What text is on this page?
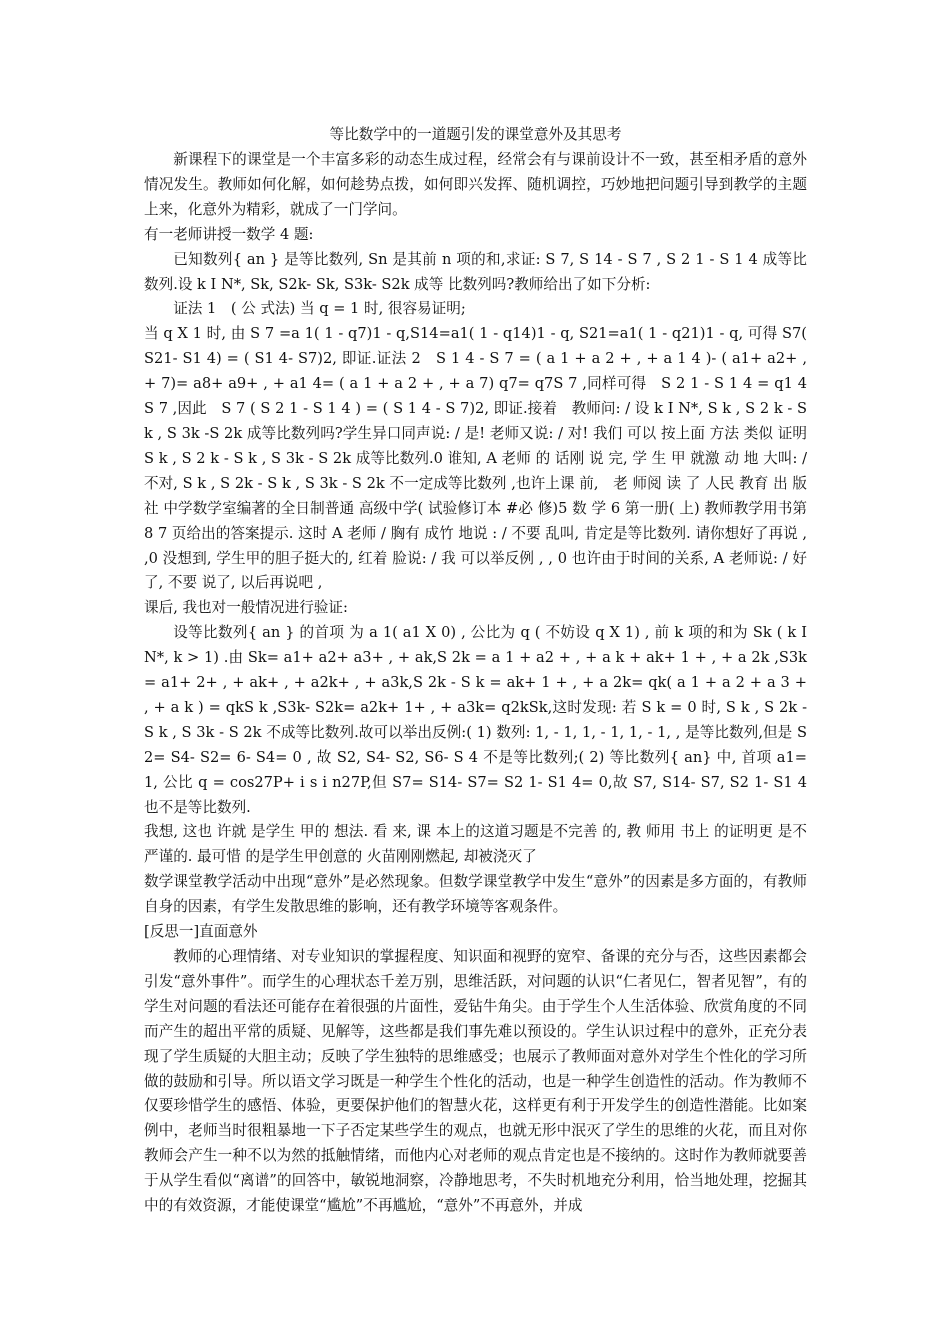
等比数学中的一道题引发的课堂意外及其思考

新课程下的课堂是一个丰富多彩的动态生成过程，经常会有与课前设计不一致，甚至相矛盾的意外情况发生。教师如何化解，如何趁势点拨，如何即兴发挥、随机调控，巧妙地把问题引导到教学的主题上来，化意外为精彩，就成了一门学问。

有一老师讲授一数学 4 题:

已知数列{ an } 是等比数列, Sn 是其前 n 项的和,求证: S 7, S 14 - S 7 , S 2 1 - S 1 4 成等比数列.设 k I N*, Sk, S2k- Sk, S3k- S2k 成等 比数列吗?教师给出了如下分析:

证法 1　( 公 式法) 当 q = 1 时, 很容易证明;

当 q X 1 时, 由 S 7 =a 1( 1 - q7)1 - q,S14=a1( 1 - q14)1 - q, S21=a1( 1 - q21)1 - q, 可得 S7( S21- S1 4) = ( S1 4- S7)2, 即证.证法 2　S 1 4 - S 7 = ( a 1 + a 2 + , + a 1 4 )- ( a1+ a2+ , + 7)= a8+ a9+ , + a1 4= ( a 1 + a 2 + , + a 7) q7= q7S 7 ,同样可得　S 2 1 - S 1 4 = q1 4S 7 ,因此　S 7 ( S 2 1 - S 1 4 ) = ( S 1 4 - S 7)2, 即证.接着　教师问: / 设 k I N*, S k , S 2 k - S k , S 3k -S 2k 成等比数列吗?学生异口同声说: / 是! 老师又说: / 对! 我们 可以 按上面 方法 类似 证明 S k , S 2 k - S k , S 3k - S 2k 成等比数列.0 谁知, A 老师 的 话刚 说 完, 学 生 甲 就激 动 地 大叫: / 不对, S k , S 2k - S k , S 3k - S 2k 不一定成等比数列 ,也许上课 前,　老 师阅 读 了 人民 教育 出 版社 中学数学室编著的全日制普通 高级中学( 试验修订本 #必 修)5 数 学 6 第一册( 上) 教师教学用书第 8 7 页给出的答案提示. 这时 A 老师 / 胸有 成竹 地说 : / 不要 乱叫, 肯定是等比数列. 请你想好了再说 , ,0 没想到, 学生甲的胆子挺大的, 红着 脸说: / 我 可以举反例 , , 0 也许由于时间的关系, A 老师说: / 好了, 不要 说了, 以后再说吧 ,

课后, 我也对一般情况进行验证:

设等比数列{ an } 的首项 为 a 1( a1 X 0) , 公比为 q ( 不妨设 q X 1) , 前 k 项的和为 Sk ( k I N*, k > 1) .由 Sk= a1+ a2+ a3+ , + ak,S 2k = a 1 + a2 + , + a k + ak+ 1 + , + a 2k ,S3k= a1+ 2+ , + ak+ , + a2k+ , + a3k,S 2k - S k = ak+ 1 + , + a 2k= qk( a 1 + a 2 + a 3 + , + a k ) = qkS k ,S3k- S2k= a2k+ 1+ , + a3k= q2kSk,这时发现: 若 S k = 0 时, S k , S 2k - S k , S 3k - S 2k 不成等比数列.故可以举出反例:( 1) 数列: 1, - 1, 1, - 1, 1, - 1, , 是等比数列,但是 S2= S4- S2= 6- S4= 0 , 故 S2, S4- S2, S6- S 4 不是等比数列;( 2) 等比数列{ an} 中, 首项 a1= 1, 公比 q = cos27P+ i s i n27P,但 S7= S14- S7= S2 1- S1 4= 0,故 S7, S14- S7, S2 1- S1 4 也不是等比数列.

我想, 这也 许就 是学生 甲的 想法. 看 来, 课 本上的这道习题是不完善 的, 教 师用 书上 的证明更 是不严谨的. 最可惜 的是学生甲创意的 火苗刚刚燃起, 却被浇灭了

数学课堂教学活动中出现“意外”是必然现象。但数学课堂教学中发生“意外”的因素是多方面的，有教师自身的因素，有学生发散思维的影响，还有教学环境等客观条件。

[反思一]直面意外

教师的心理情绪、对专业知识的掌握程度、知识面和视野的宽窄、备课的充分与否，这些因素都会引发“意外事件”。而学生的心理状态千差万别，思维活跃，对问题的认识“仁者见仁，智者见智”，有的学生对问题的看法还可能存在着很强的片面性，爱钻牛角尖。由于学生个人生活体验、欣赏角度的不同而产生的超出平常的质疑、见解等，这些都是我们事先难以预设的。学生认识过程中的意外，正充分表现了学生质疑的大胆主动；反映了学生独特的思维感受；也展示了教师面对意外对学生个性化的学习所做的鼓励和引导。所以语文学习既是一种学生个性化的活动，也是一种学生创造性的活动。作为教师不仅要珍惜学生的感悟、体验，更要保护他们的智慧火花，这样更有利于开发学生的创造性潜能。比如案例中，老师当时很粗暴地一下子否定某些学生的观点，也就无形中泯灭了学生的思维的火花，而且对你教师会产生一种不以为然的抵触情绪，而他内心对老师的观点肯定也是不接纳的。这时作为教师就要善于从学生看似“离谱”的回答中，敏锐地洞察，冷静地思考，不失时机地充分利用，恰当地处理，挖掘其中的有效资源，才能使课堂“尴尬”不再尴尬，“意外”不再意外，并成
